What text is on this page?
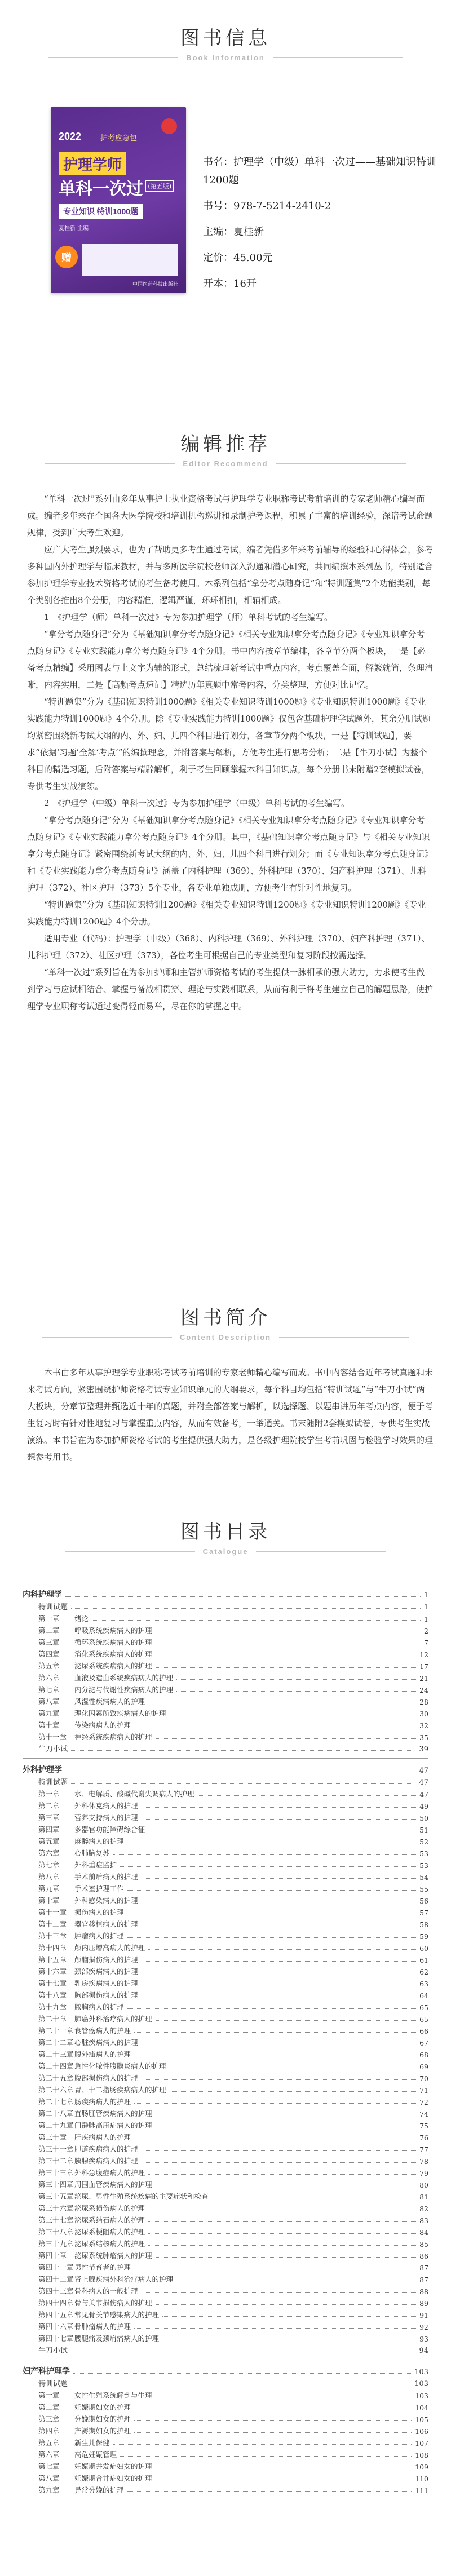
图书信息
Book Information
2022	护考应急包
护理学师
单科一次过 (第五版)
专业知识 特训1000题
夏桂新 主编
赠
中国医药科技出版社
书名：护理学（中级）单科一次过——基础知识特训1200题
书号：978-7-5214-2410-2
主编：夏桂新
定价：45.00元
开本：16开
编辑推荐
Editor Recommend

“单科一次过”系列由多年从事护士执业资格考试与护理学专业职称考试考前培训的专家老师精心编写而成。编者多年来在全国各大医学院校和培训机构巡讲和录制护考课程，积累了丰富的培训经验，深谙考试命题规律，受到广大考生欢迎。

应广大考生强烈要求，也为了帮助更多考生通过考试，编者凭借多年来考前辅导的经验和心得体会，参考多种国内外护理学与临床教材，并与多所医学院校老师深入沟通和潜心研究，共同编撰本系列丛书，特别适合参加护理学专业技术资格考试的考生备考使用。本系列包括“拿分考点随身记”和“特训题集”2个功能类别，每个类别各推出8个分册，内容精准，逻辑严谨，环环相扣，相辅相成。

1　《护理学（师）单科一次过》专为参加护理学（师）单科考试的考生编写。

“拿分考点随身记”分为《基础知识拿分考点随身记》《相关专业知识拿分考点随身记》《专业知识拿分考点随身记》《专业实践能力拿分考点随身记》4个分册。书中内容按章节编排，各章节分两个板块，一是【必备考点精编】采用图表与上文字为辅的形式，总结梳理新考试中重点内容，考点覆盖全面，解繁就简，条理清晰，内容实用，二是【高频考点速记】精选历年真题中常考内容，分类整理，方便对比记忆。

“特训题集”分为《基础知识特训1000题》《相关专业知识特训1000题》《专业知识特训1000题》《专业实践能力特训1000题》4个分册。除《专业实践能力特训1000题》仅包含基础护理学试题外，其余分册试题均紧密围绕新考试大纲的内、外、妇、儿四个科目进行划分，各章节分两个板块，一是【特训试题】，要求“依据‘习题’全解‘考点’”的编撰理念，并附答案与解析，方便考生进行思考分析；二是【牛刀小试】为整个科目的精选习题，后附答案与精辟解析，利于考生回顾掌握本科目知识点，每个分册书末附赠2套模拟试卷，专供考生实战演练。

2　《护理学（中级）单科一次过》专为参加护理学（中级）单科考试的考生编写。

“拿分考点随身记”分为《基础知识拿分考点随身记》《相关专业知识拿分考点随身记》《专业知识拿分考点随身记》《专业实践能力拿分考点随身记》4个分册。其中，《基础知识拿分考点随身记》与《相关专业知识拿分考点随身记》紧密围绕新考试大纲的内、外、妇、儿四个科目进行划分；而《专业知识拿分考点随身记》和《专业实践能力拿分考点随身记》涵盖了内科护理（369）、外科护理（370）、妇产科护理（371）、儿科护理（372）、社区护理（373）5个专业，各专业单独成册，方便考生有针对性地复习。

“特训题集”分为《基础知识特训1200题》《相关专业知识特训1200题》《专业知识特训1200题》《专业实践能力特训1200题》4个分册。

适用专业（代码）：护理学（中级）（368）、内科护理（369）、外科护理（370）、妇产科护理（371）、儿科护理（372）、社区护理（373），各位考生可根据自己的专业类型和复习阶段按需选择。

“单科一次过”系列旨在为参加护师和主管护师资格考试的考生提供一脉相承的强大助力，力求使考生做到学习与应试相结合、掌握与备战相贯穿、理论与实践相联系，从而有利于将考生建立自己的解题思路，使护理学专业职称考试通过变得轻而易举，尽在你的掌握之中。

图书简介
Content Description

本书由多年从事护理学专业职称考试考前培训的专家老师精心编写而成。书中内容结合近年考试真题和未来考试方向，紧密围绕护师资格考试专业知识单元的大纲要求，每个科目均包括“特训试题”与“牛刀小试”两大板块，分章节整理并甄选近十年的真题，并附全部答案与解析，以选择题、以题串讲历年考点内容，便于考生复习时有针对性地复习与掌握重点内容，从而有效备考，一举通关。书末随附2套模拟试卷，专供考生实战演练。本书旨在为参加护师资格考试的考生提供强大助力，是各级护理院校学生考前巩固与检验学习效果的理想参考用书。

图书目录
Catalogue
内科护理学	1
特训试题	1
第一章 绪论	1
第二章 呼吸系统疾病病人的护理	2
第三章 循环系统疾病病人的护理	7
第四章 消化系统疾病病人的护理	12
第五章 泌尿系统疾病病人的护理	17
第六章 血液及造血系统疾病病人的护理	21
第七章 内分泌与代谢性疾病病人的护理	24
第八章 风湿性疾病病人的护理	28
第九章 理化因素所致疾病病人的护理	30
第十章 传染病病人的护理	32
第十一章 神经系统疾病病人的护理	35
牛刀小试	39
外科护理学	47
特训试题	47
第一章 水、电解质、酸碱代谢失调病人的护理	47
第二章 外科休克病人的护理	49
第三章 营养支持病人的护理	50
第四章 多器官功能障碍综合征	51
第五章 麻醉病人的护理	52
第六章 心肺脑复苏	53
第七章 外科重症监护	53
第八章 手术前后病人的护理	54
第九章 手术室护理工作	55
第十章 外科感染病人的护理	56
第十一章 损伤病人的护理	57
第十二章 器官移植病人的护理	58
第十三章 肿瘤病人的护理	59
第十四章 颅内压增高病人的护理	60
第十五章 颅脑损伤病人的护理	61
第十六章 颈部疾病病人的护理	62
第十七章 乳房疾病病人的护理	63
第十八章 胸部损伤病人的护理	64
第十九章 脓胸病人的护理	65
第二十章 肺癌外科治疗病人的护理	65
第二十一章食管癌病人的护理	66
第二十二章心脏疾病病人的护理	67
第二十三章腹外疝病人的护理	68
第二十四章急性化脓性腹膜炎病人的护理	69
第二十五章腹部损伤病人的护理	70
第二十六章胃、十二指肠疾病病人的护理	71
第二十七章肠疾病病人的护理	72
第二十八章直肠肛管疾病病人的护理	74
第二十九章门静脉高压症病人的护理	75
第三十章 肝疾病病人的护理	76
第三十一章胆道疾病病人的护理	77
第三十二章胰腺疾病病人的护理	78
第三十三章外科急腹症病人的护理	79
第三十四章周围血管疾病病人的护理	80
第三十五章泌尿、男性生殖系统疾病的主要症状和检查	81
第三十六章泌尿系损伤病人的护理	82
第三十七章泌尿系结石病人的护理	83
第三十八章泌尿系梗阻病人的护理	84
第三十九章泌尿系结核病人的护理	85
第四十章 泌尿系统肿瘤病人的护理	86
第四十一章男性节育者的护理	87
第四十二章肾上腺疾病外科治疗病人的护理	87
第四十三章骨科病人的一般护理	88
第四十四章骨与关节损伤病人的护理	89
第四十五章常见骨关节感染病人的护理	91
第四十六章骨肿瘤病人的护理	92
第四十七章腰腿痛及颈肩痛病人的护理	93
牛刀小试	94
妇产科护理学	103
特训试题	103
第一章 女性生殖系统解剖与生理	103
第二章 妊娠期妇女的护理	104
第三章 分娩期妇女的护理	105
第四章 产褥期妇女的护理	106
第五章 新生儿保健	107
第六章 高危妊娠管理	108
第七章 妊娠期并发症妇女的护理	109
第八章 妊娠期合并症妇女的护理	110
第九章 异常分娩的护理	111
